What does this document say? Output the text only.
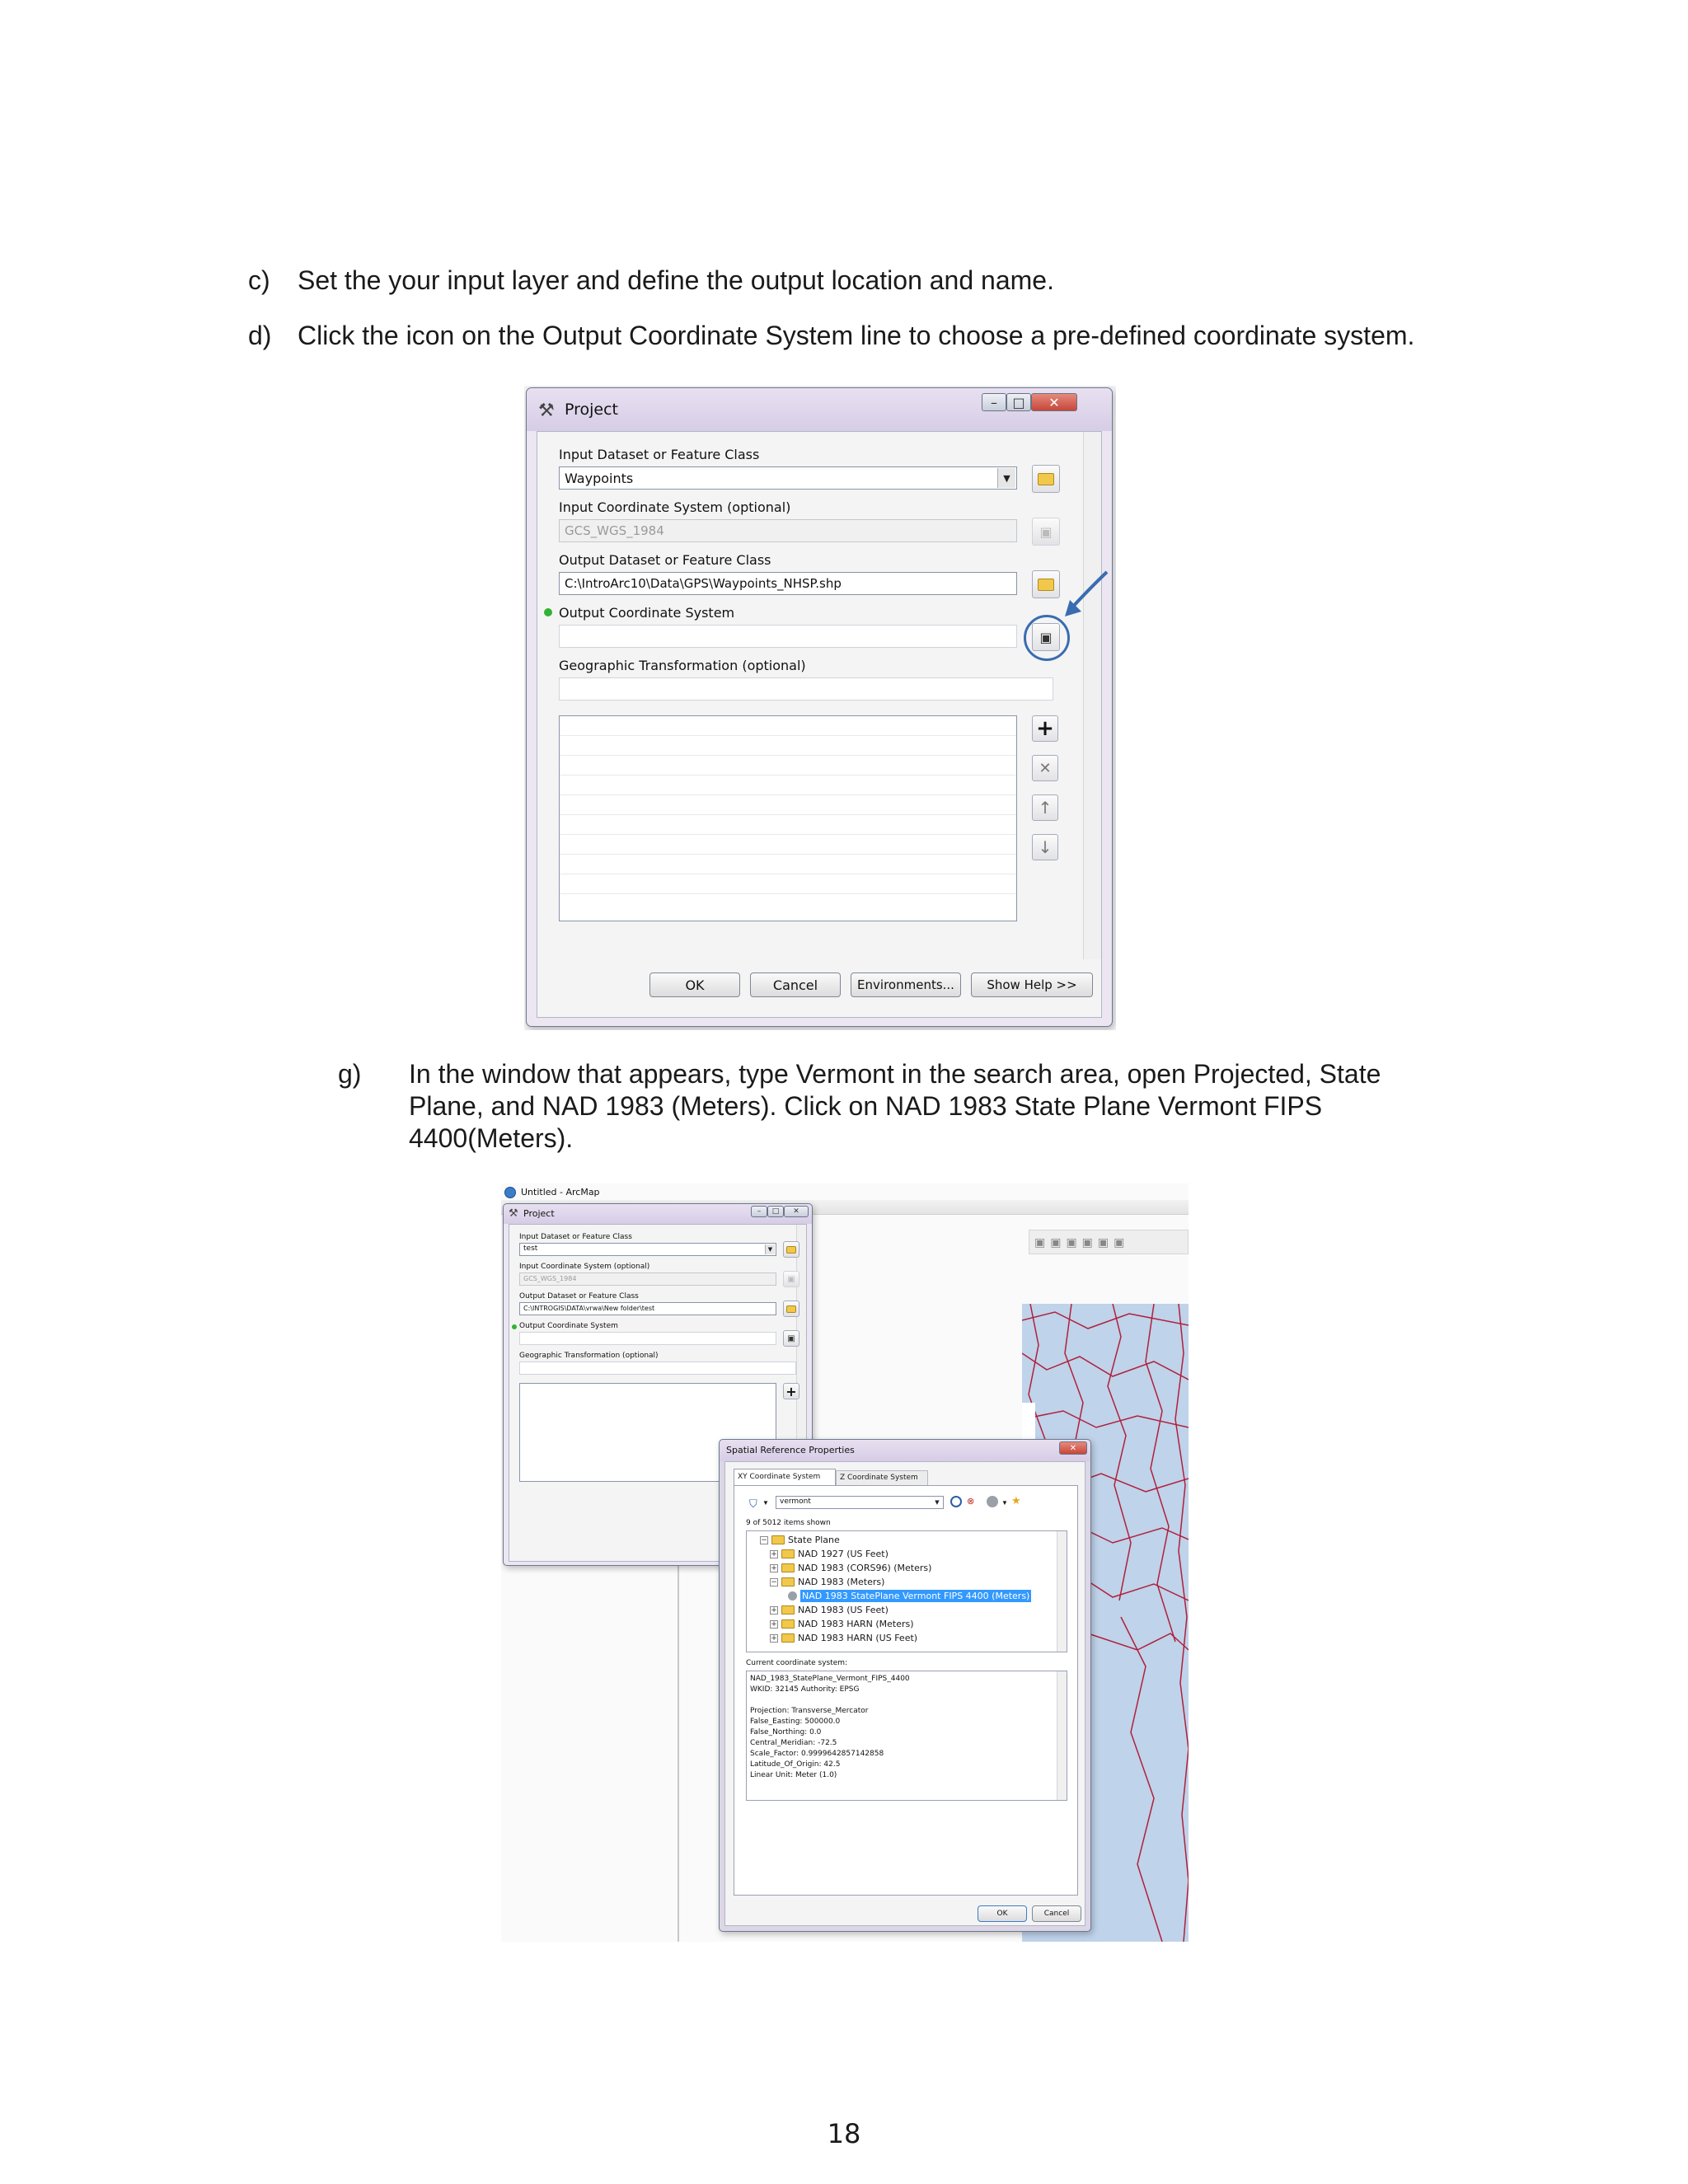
c) Set the your input layer and define the output location and name.
d) Click the icon on the Output Coordinate System line to choose a pre-defined coordinate system.
⚒ Project	– □ ✕
Input Dataset or Feature Class
Waypoints	▼
Input Coordinate System (optional)
GCS_WGS_1984	▣
Output Dataset or Feature Class
C:\IntroArc10\Data\GPS\Waypoints_NHSP.shp
Output Coordinate System
▣
Geographic Transformation (optional)
+
✕
↑
↓
OK	Cancel	Environments...	Show Help >>
g) In the window that appears, type Vermont in the search area, open Projected, State
Plane, and NAD 1983 (Meters). Click on NAD 1983 State Plane Vermont FIPS
4400(Meters).
Untitled - ArcMap
▣▣▣▣▣▣
⚒ Project	–	□	✕
Input Dataset or Feature Class
test	▼
Input Coordinate System (optional)
GCS_WGS_1984	▣
Output Dataset or Feature Class
C:\INTROGIS\DATA\vrwa\New folder\test
Output Coordinate System
▣
Geographic Transformation (optional)
+
Spatial Reference Properties	✕
XY Coordinate System	Z Coordinate System
⛉ ▼	vermont	▼	⊗	▼ ★
9 of 5012 items shown
− State Plane
+ NAD 1927 (US Feet)
+ NAD 1983 (CORS96) (Meters)
− NAD 1983 (Meters)
NAD 1983 StatePlane Vermont FIPS 4400 (Meters)
+ NAD 1983 (US Feet)
+ NAD 1983 HARN (Meters)
+ NAD 1983 HARN (US Feet)
Current coordinate system:
NAD_1983_StatePlane_Vermont_FIPS_4400
WKID: 32145 Authority: EPSG
Projection: Transverse_Mercator
False_Easting: 500000.0
False_Northing: 0.0
Central_Meridian: -72.5
Scale_Factor: 0.9999642857142858
Latitude_Of_Origin: 42.5
Linear Unit: Meter (1.0)
OK	Cancel
18
